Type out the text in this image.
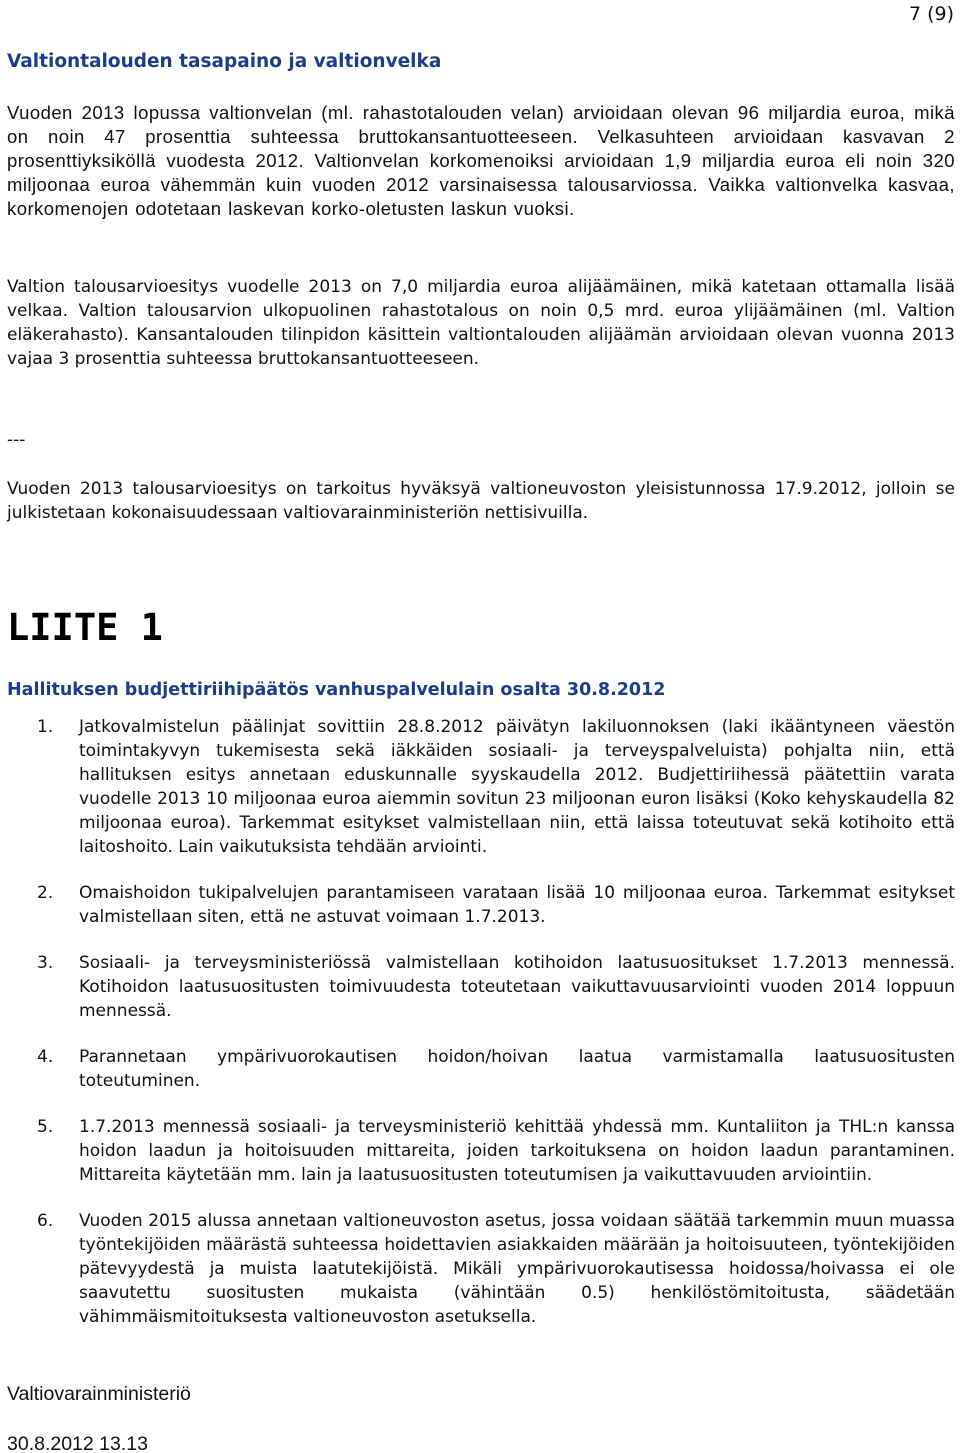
7 (9)
Valtiontalouden tasapaino ja valtionvelka

Vuoden 2013 lopussa valtionvelan (ml. rahastotalouden velan) arvioidaan olevan 96 miljardia euroa, mikä on noin 47 prosenttia suhteessa bruttokansantuotteeseen. Velkasuhteen arvioidaan kasvavan 2 prosenttiyksiköllä vuodesta 2012. Valtionvelan korkomenoiksi arvioidaan 1,9 miljardia euroa eli noin 320 miljoonaa euroa vähemmän kuin vuoden 2012 varsinaisessa talousarviossa. Vaikka valtionvelka kasvaa, korkomenojen odotetaan laskevan korko-oletusten laskun vuoksi.

Valtion talousarvioesitys vuodelle 2013 on 7,0 miljardia euroa alijäämäinen, mikä katetaan ottamalla lisää velkaa. Valtion talousarvion ulkopuolinen rahastotalous on noin 0,5 mrd. euroa ylijäämäinen (ml. Valtion eläkerahasto). Kansantalouden tilinpidon käsittein valtiontalouden alijäämän arvioidaan olevan vuonna 2013 vajaa 3 prosenttia suhteessa bruttokansantuotteeseen.

---

Vuoden 2013 talousarvioesitys on tarkoitus hyväksyä valtioneuvoston yleisistunnossa 17.9.2012, jolloin se julkistetaan kokonaisuudessaan valtiovarainministeriön nettisivuilla.

LIITE 1
Hallituksen budjettiriihipäätös vanhuspalvelulain osalta 30.8.2012
1. Jatkovalmistelun päälinjat sovittiin 28.8.2012 päivätyn lakiluonnoksen (laki ikääntyneen väestön toimintakyvyn tukemisesta sekä iäkkäiden sosiaali- ja terveyspalveluista) pohjalta niin, että hallituksen esitys annetaan eduskunnalle syyskaudella 2012. Budjettiriihessä päätettiin varata vuodelle 2013 10 miljoonaa euroa aiemmin sovitun 23 miljoonan euron lisäksi (Koko kehyskaudella 82 miljoonaa euroa). Tarkemmat esitykset valmistellaan niin, että laissa toteutuvat sekä kotihoito että laitoshoito. Lain vaikutuksista tehdään arviointi.
2. Omaishoidon tukipalvelujen parantamiseen varataan lisää 10 miljoonaa euroa. Tarkemmat esitykset valmistellaan siten, että ne astuvat voimaan 1.7.2013.
3. Sosiaali- ja terveysministeriössä valmistellaan kotihoidon laatusuositukset 1.7.2013 mennessä. Kotihoidon laatusuositusten toimivuudesta toteutetaan vaikuttavuusarviointi vuoden 2014 loppuun mennessä.
4. Parannetaan ympärivuorokautisen hoidon/hoivan laatua varmistamalla laatusuositusten toteutuminen.
5. 1.7.2013 mennessä sosiaali- ja terveysministeriö kehittää yhdessä mm. Kuntaliiton ja THL:n kanssa hoidon laadun ja hoitoisuuden mittareita, joiden tarkoituksena on hoidon laadun parantaminen. Mittareita käytetään mm. lain ja laatusuositusten toteutumisen ja vaikuttavuuden arviointiin.
6. Vuoden 2015 alussa annetaan valtioneuvoston asetus, jossa voidaan säätää tarkemmin muun muassa työntekijöiden määrästä suhteessa hoidettavien asiakkaiden määrään ja hoitoisuuteen, työntekijöiden pätevyydestä ja muista laatutekijöistä. Mikäli ympärivuorokautisessa hoidossa/hoivassa ei ole saavutettu suositusten mukaista (vähintään 0.5) henkilöstömitoitusta, säädetään vähimmäismitoituksesta valtioneuvoston asetuksella.
Valtiovarainministeriö
30.8.2012 13.13
